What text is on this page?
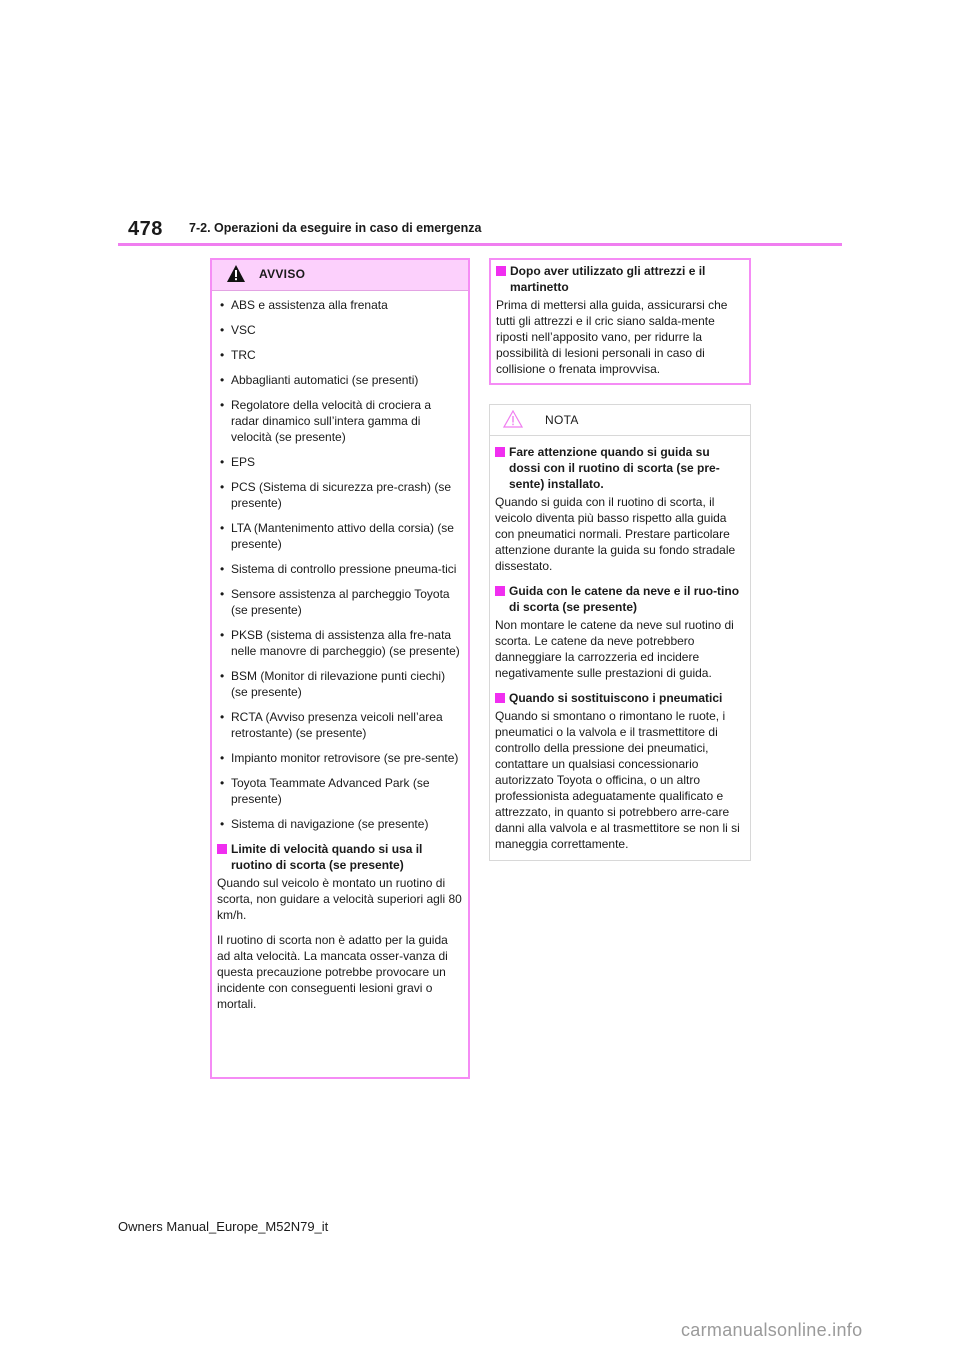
478 7-2. Operazioni da eseguire in caso di emergenza
AVVISO
• ABS e assistenza alla frenata
• VSC
• TRC
• Abbaglianti automatici (se presenti)
• Regolatore della velocità di crociera a radar dinamico sull’intera gamma di velocità (se presente)
• EPS
• PCS (Sistema di sicurezza pre-crash) (se presente)
• LTA (Mantenimento attivo della corsia) (se presente)
• Sistema di controllo pressione pneuma-tici
• Sensore assistenza al parcheggio Toyota (se presente)
• PKSB (sistema di assistenza alla fre-nata nelle manovre di parcheggio) (se presente)
• BSM (Monitor di rilevazione punti ciechi) (se presente)
• RCTA (Avviso presenza veicoli nell’area retrostante) (se presente)
• Impianto monitor retrovisore (se pre-sente)
• Toyota Teammate Advanced Park (se presente)
• Sistema di navigazione (se presente)
Limite di velocità quando si usa il ruotino di scorta (se presente)

Quando sul veicolo è montato un ruotino di scorta, non guidare a velocità superiori agli 80 km/h.

Il ruotino di scorta non è adatto per la guida ad alta velocità. La mancata osser-vanza di questa precauzione potrebbe provocare un incidente con conseguenti lesioni gravi o mortali.

Dopo aver utilizzato gli attrezzi e il martinetto

Prima di mettersi alla guida, assicurarsi che tutti gli attrezzi e il cric siano salda-mente riposti nell’apposito vano, per ridurre la possibilità di lesioni personali in caso di collisione o frenata improvvisa.

NOTA
Fare attenzione quando si guida su dossi con il ruotino di scorta (se pre-sente) installato.

Quando si guida con il ruotino di scorta, il veicolo diventa più basso rispetto alla guida con pneumatici normali. Prestare particolare attenzione durante la guida su fondo stradale dissestato.

Guida con le catene da neve e il ruo-tino di scorta (se presente)

Non montare le catene da neve sul ruotino di scorta. Le catene da neve potrebbero danneggiare la carrozzeria ed incidere negativamente sulle prestazioni di guida.

Quando si sostituiscono i pneumatici

Quando si smontano o rimontano le ruote, i pneumatici o la valvola e il trasmettitore di controllo della pressione dei pneumatici, contattare un qualsiasi concessionario autorizzato Toyota o officina, o un altro professionista adeguatamente qualificato e attrezzato, in quanto si potrebbero arre-care danni alla valvola e al trasmettitore se non li si maneggia correttamente.

Owners Manual_Europe_M52N79_it
carmanualsonline.info
